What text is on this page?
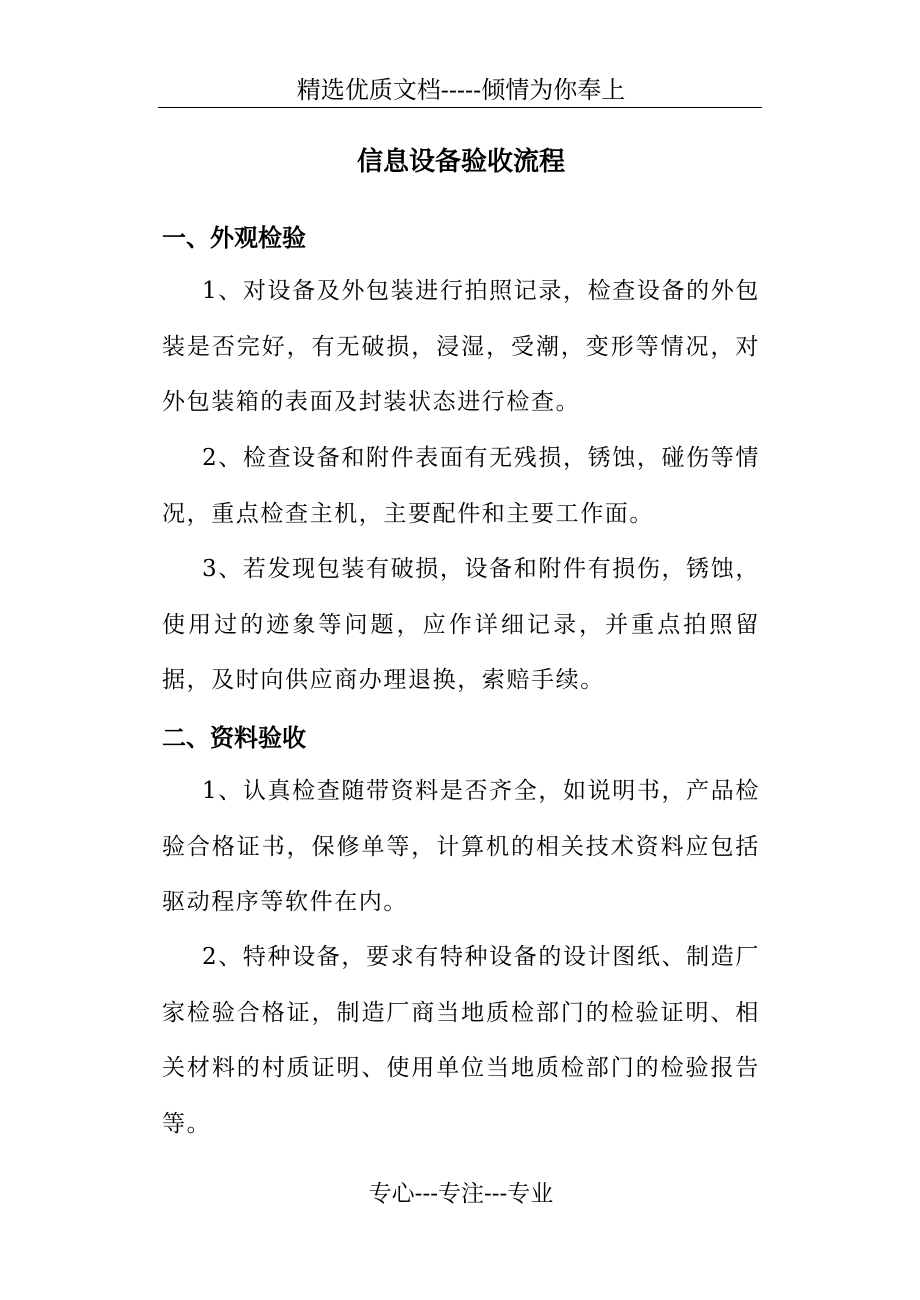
精选优质文档-----倾情为你奉上
信息设备验收流程
一、外观检验
1、对设备及外包装进行拍照记录，检查设备的外包装是否完好，有无破损，浸湿，受潮，变形等情况，对外包装箱的表面及封装状态进行检查。
2、检查设备和附件表面有无残损，锈蚀，碰伤等情况，重点检查主机，主要配件和主要工作面。
3、若发现包装有破损，设备和附件有损伤，锈蚀，使用过的迹象等问题，应作详细记录，并重点拍照留据，及时向供应商办理退换，索赔手续。
二、资料验收
1、认真检查随带资料是否齐全，如说明书，产品检验合格证书，保修单等，计算机的相关技术资料应包括驱动程序等软件在内。
2、特种设备，要求有特种设备的设计图纸、制造厂家检验合格证，制造厂商当地质检部门的检验证明、相关材料的村质证明、使用单位当地质检部门的检验报告等。
专心---专注---专业
